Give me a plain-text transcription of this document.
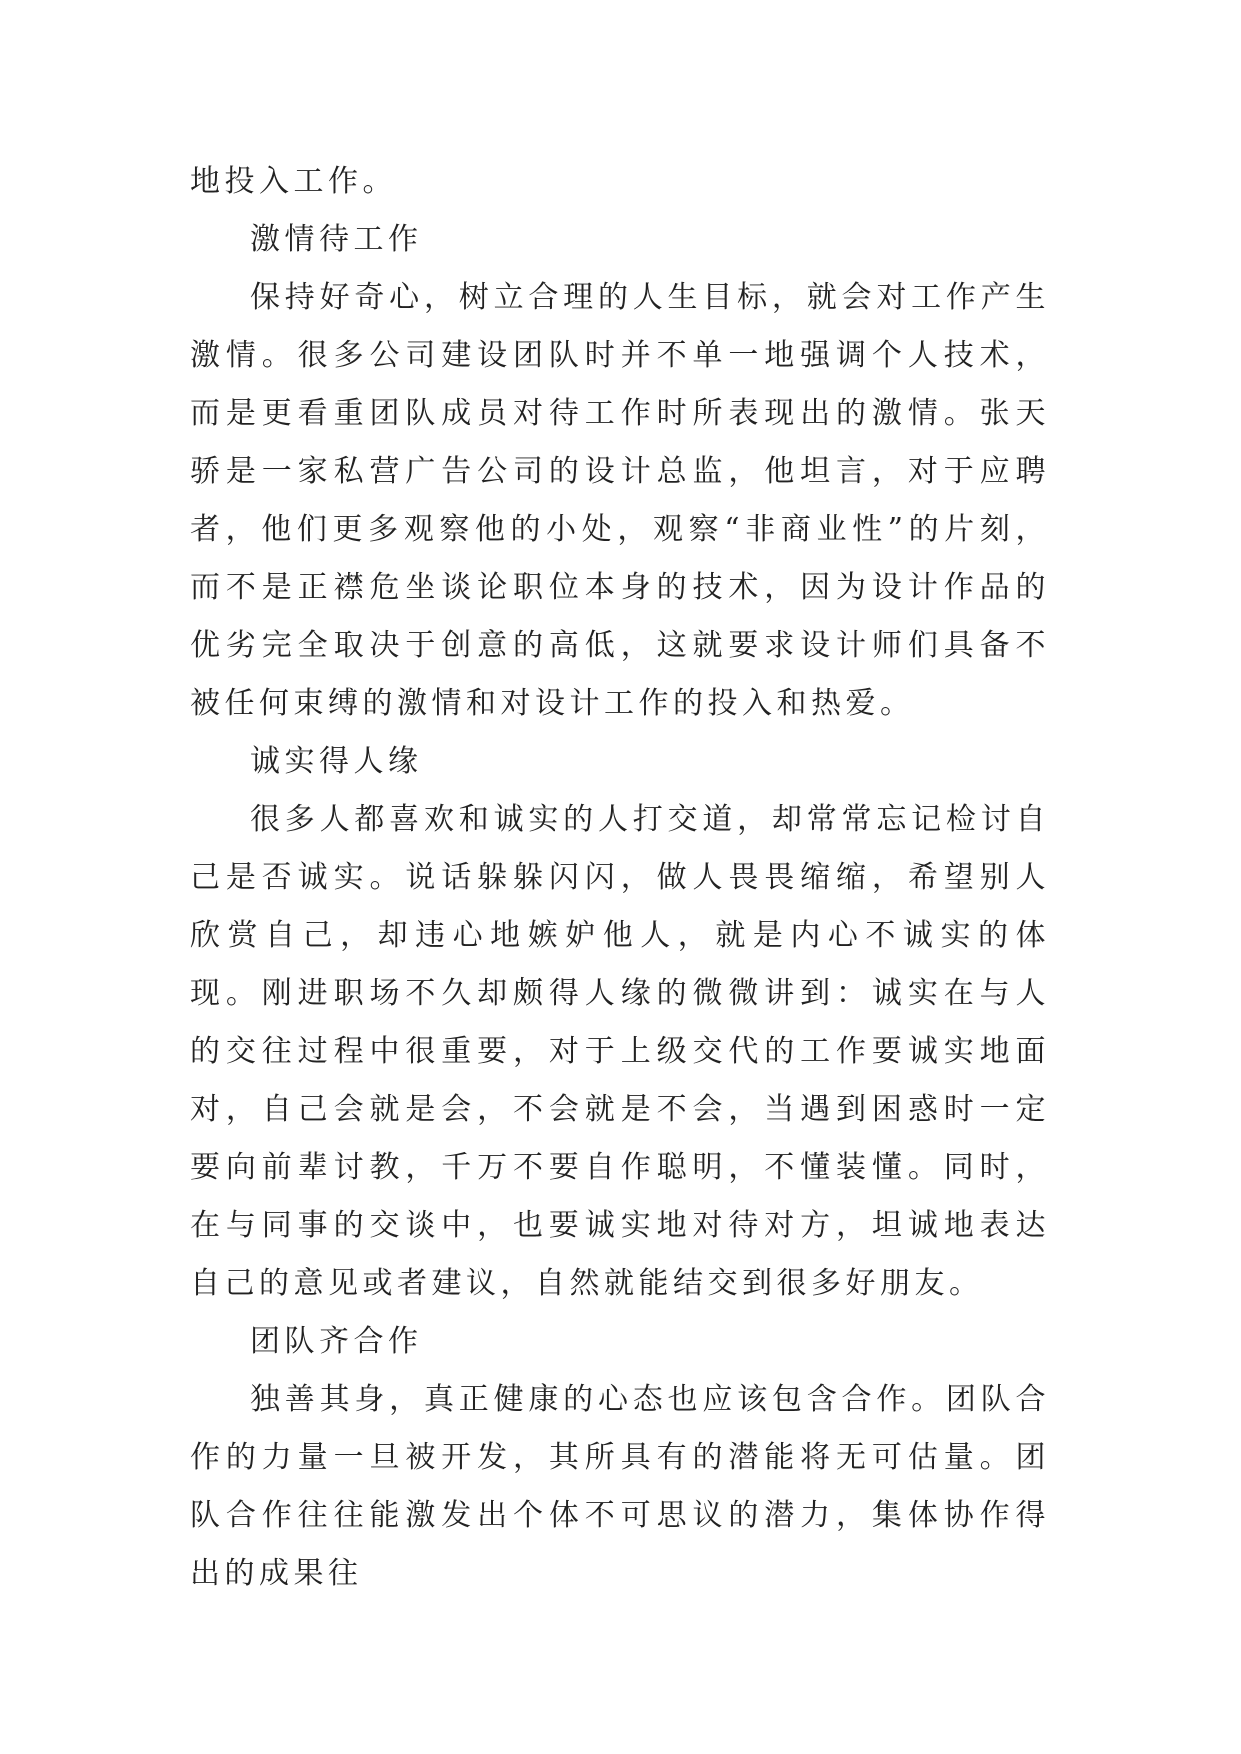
地投入工作。

激情待工作

保持好奇心，树立合理的人生目标，就会对工作产生激情。很多公司建设团队时并不单一地强调个人技术，而是更看重团队成员对待工作时所表现出的激情。张天骄是一家私营广告公司的设计总监，他坦言，对于应聘者，他们更多观察他的小处，观察“非商业性”的片刻，而不是正襟危坐谈论职位本身的技术，因为设计作品的优劣完全取决于创意的高低，这就要求设计师们具备不被任何束缚的激情和对设计工作的投入和热爱。

诚实得人缘

很多人都喜欢和诚实的人打交道，却常常忘记检讨自己是否诚实。说话躲躲闪闪，做人畏畏缩缩，希望别人欣赏自己，却违心地嫉妒他人，就是内心不诚实的体现。刚进职场不久却颇得人缘的微微讲到：诚实在与人的交往过程中很重要，对于上级交代的工作要诚实地面对，自己会就是会，不会就是不会，当遇到困惑时一定要向前辈讨教，千万不要自作聪明，不懂装懂。同时，在与同事的交谈中，也要诚实地对待对方，坦诚地表达自己的意见或者建议，自然就能结交到很多好朋友。

团队齐合作

独善其身，真正健康的心态也应该包含合作。团队合作的力量一旦被开发，其所具有的潜能将无可估量。团队合作往往能激发出个体不可思议的潜力，集体协作得出的成果往
